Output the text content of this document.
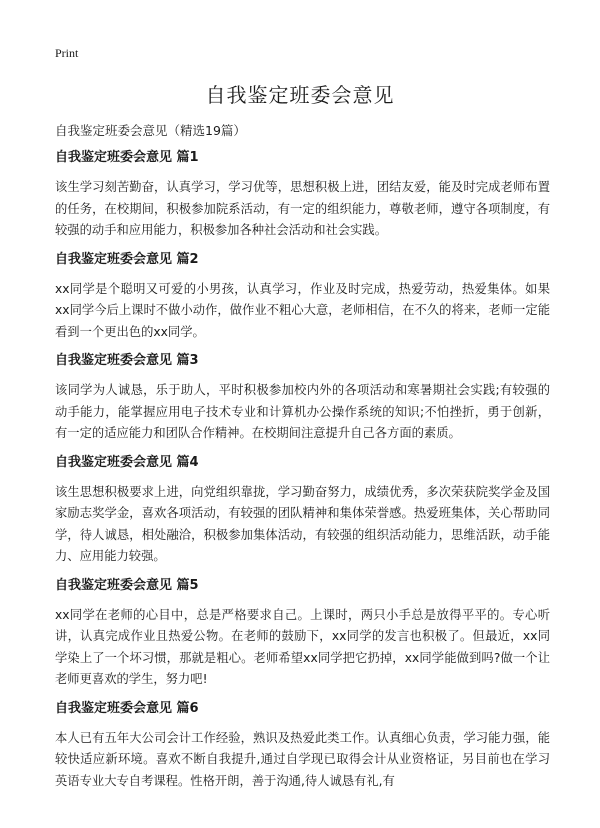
Print
自我鉴定班委会意见
自我鉴定班委会意见（精选19篇）
自我鉴定班委会意见 篇1

该生学习刻苦勤奋，认真学习，学习优等，思想积极上进，团结友爱，能及时完成老师布置的任务，在校期间，积极参加院系活动，有一定的组织能力，尊敬老师，遵守各项制度，有较强的动手和应用能力，积极参加各种社会活动和社会实践。

自我鉴定班委会意见 篇2

xx同学是个聪明又可爱的小男孩，认真学习，作业及时完成，热爱劳动，热爱集体。如果xx同学今后上课时不做小动作，做作业不粗心大意，老师相信，在不久的将来，老师一定能看到一个更出色的xx同学。

自我鉴定班委会意见 篇3

该同学为人诚恳，乐于助人，平时积极参加校内外的各项活动和寒暑期社会实践;有较强的动手能力，能掌握应用电子技术专业和计算机办公操作系统的知识;不怕挫折，勇于创新，有一定的适应能力和团队合作精神。在校期间注意提升自己各方面的素质。

自我鉴定班委会意见 篇4

该生思想积极要求上进，向党组织靠拢，学习勤奋努力，成绩优秀，多次荣获院奖学金及国家励志奖学金，喜欢各项活动，有较强的团队精神和集体荣誉感。热爱班集体，关心帮助同学，待人诚恳，相处融洽，积极参加集体活动，有较强的组织活动能力，思维活跃，动手能力、应用能力较强。

自我鉴定班委会意见 篇5

xx同学在老师的心目中，总是严格要求自己。上课时，两只小手总是放得平平的。专心听讲，认真完成作业且热爱公物。在老师的鼓励下，xx同学的发言也积极了。但最近，xx同学染上了一个坏习惯，那就是粗心。老师希望xx同学把它扔掉，xx同学能做到吗?做一个让老师更喜欢的学生，努力吧!

自我鉴定班委会意见 篇6

本人已有五年大公司会计工作经验，熟识及热爱此类工作。认真细心负责，学习能力强，能较快适应新环境。喜欢不断自我提升,通过自学现已取得会计从业资格证，另目前也在学习英语专业大专自考课程。性格开朗，善于沟通,待人诚恳有礼,有
